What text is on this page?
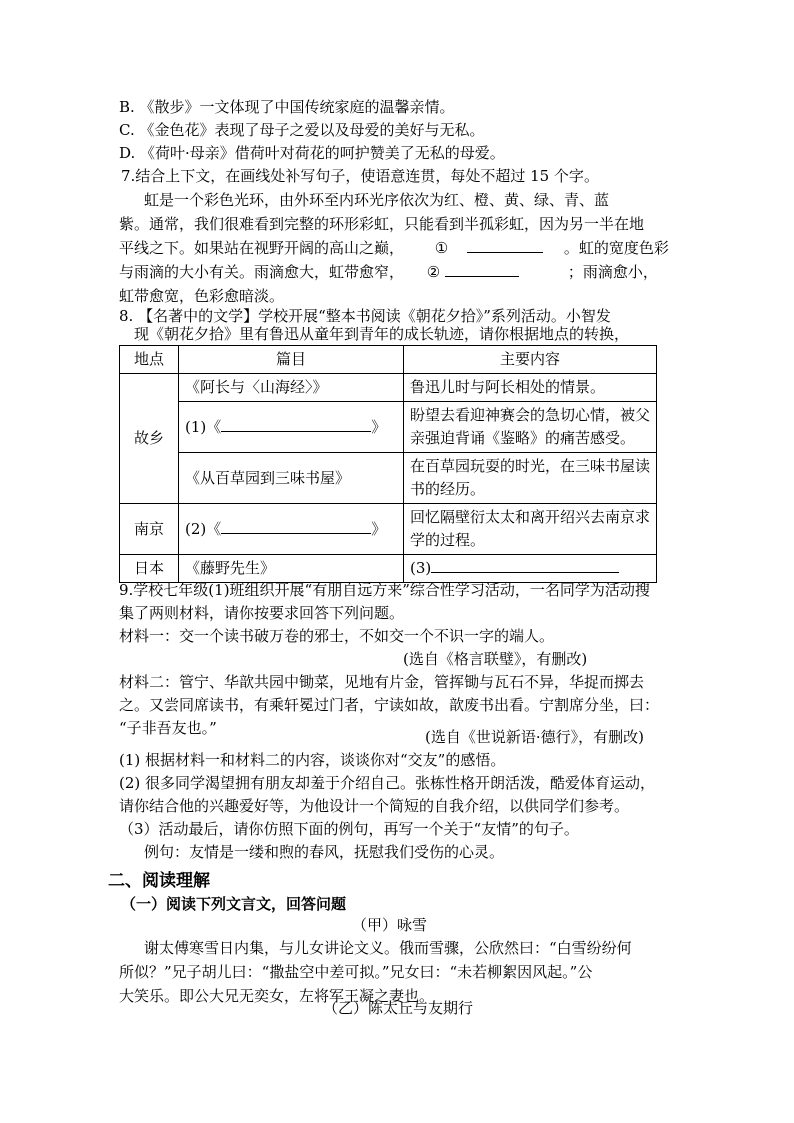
B. 《散步》一文体现了中国传统家庭的温馨亲情。
C. 《金色花》表现了母子之爱以及母爱的美好与无私。
D. 《荷叶·母亲》借荷叶对荷花的呵护赞美了无私的母爱。
7.结合上下文，在画线处补写句子，使语意连贯，每处不超过 15 个字。
虹是一个彩色光环，由外环至内环光序依次为红、橙、黄、绿、青、蓝
紫。通常，我们很难看到完整的环形彩虹，只能看到半孤彩虹，因为另一半在地
平线之下。如果站在视野开阔的高山之巅， ①	。虹的宽度色彩
与雨滴的大小有关。雨滴愈大，虹带愈窄， ②	；雨滴愈小，
虹带愈宽，色彩愈暗淡。
8. 【名著中的文学】学校开展“整本书阅读《朝花夕拾》”系列活动。小智发
现《朝花夕拾》里有鲁迅从童年到青年的成长轨迹，请你根据地点的转换，
地点	篇目	主要内容
故乡	《阿长与〈山海经〉》	鲁迅儿时与阿长相处的情景。
	(1)《 》	盼望去看迎神赛会的急切心情，被父亲强迫背诵《鉴略》的痛苦感受。
	《从百草园到三味书屋》	在百草园玩耍的时光，在三味书屋读书的经历。
南京	(2)《 》	回忆隔壁衍太太和离开绍兴去南京求学的过程。
日本	《藤野先生》	(3)
9.学校七年级(1)班组织开展“有朋自远方来”综合性学习活动，一名同学为活动搜
集了两则材料，请你按要求回答下列问题。
材料一：交一个读书破万卷的邪士，不如交一个不识一字的端人。
(选自《格言联璧》，有删改)
材料二：管宁、华歆共园中锄菜，见地有片金，管挥锄与瓦石不异，华捉而掷去
之。又尝同席读书，有乘轩冕过门者，宁读如故，歆废书出看。宁割席分坐，曰：
“子非吾友也。”	(选自《世说新语·德行》，有删改)
(1) 根据材料一和材料二的内容，谈谈你对“交友”的感悟。
(2) 很多同学渴望拥有朋友却羞于介绍自己。张栋性格开朗活泼，酷爱体育运动，
请你结合他的兴趣爱好等，为他设计一个简短的自我介绍，以供同学们参考。
（3）活动最后，请你仿照下面的例句，再写一个关于“友情”的句子。
例句：友情是一缕和煦的春风，抚慰我们受伤的心灵。
二、阅读理解
（一）阅读下列文言文，回答问题
（甲）咏雪
谢太傅寒雪日内集，与儿女讲论文义。俄而雪骤，公欣然曰：“白雪纷纷何
所似？”兄子胡儿曰：“撒盐空中差可拟。”兄女曰：“未若柳絮因风起。”公
大笑乐。即公大兄无奕女，左将军王凝之妻也。
（乙）陈太丘与友期行
